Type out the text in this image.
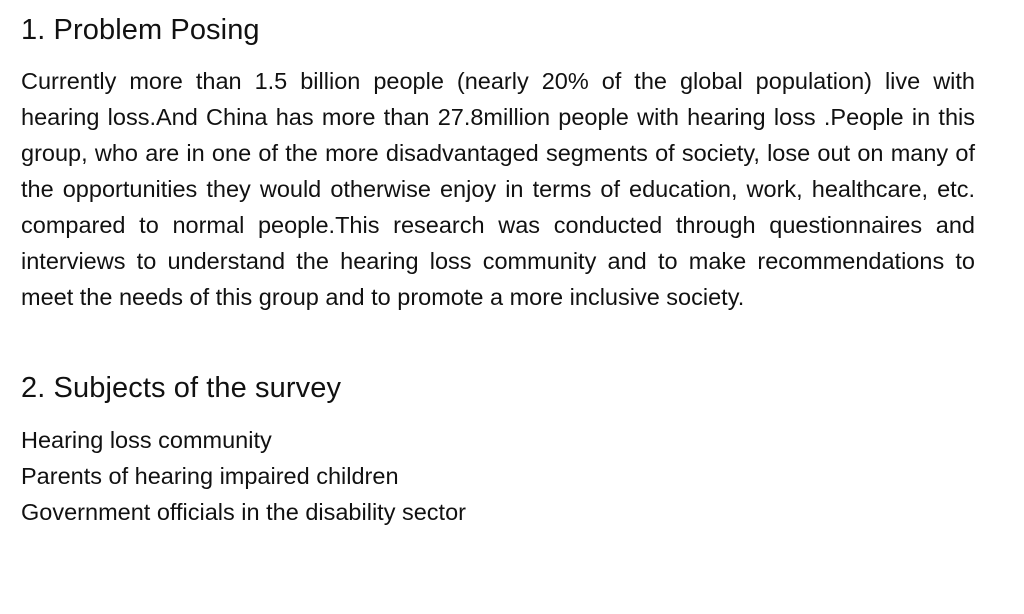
1. Problem Posing

Currently more than 1.5 billion people (nearly 20% of the global population) live with hearing loss.And China has more than 27.8million people with hearing loss .People in this group, who are in one of the more disadvantaged segments of society, lose out on many of the opportunities they would otherwise enjoy in terms of education, work, healthcare, etc. compared to normal people.This research was conducted through questionnaires and interviews to understand the hearing loss community and to make recommendations to meet the needs of this group and to promote a more inclusive society.

2. Subjects of the survey
Hearing loss community
Parents of hearing impaired children
Government officials in the disability sector
